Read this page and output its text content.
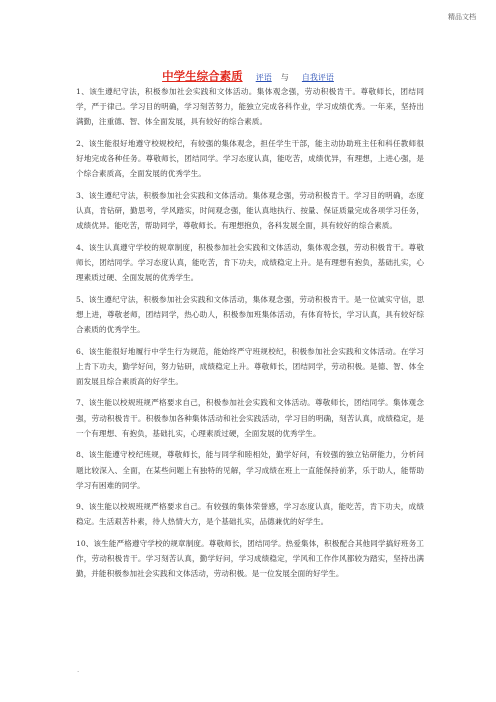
精品文档
中学生综合素质 评语 与 自我评语

1、该生遵纪守法，积极参加社会实践和文体活动。集体观念强，劳动积极肯干。尊敬师长，团结同学，严于律己。学习目的明确，学习刻苦努力，能独立完成各科作业，学习成绩优秀。一年来，坚持出满勤，注重德、智、体全面发展，具有较好的综合素质。

2、该生能很好地遵守校规校纪，有较强的集体观念，担任学生干部，能主动协助班主任和科任教师很好地完成各种任务。尊敬师长，团结同学。学习态度认真，能吃苦，成绩优异，有理想，上进心强，是个综合素质高，全面发展的优秀学生。

3、该生遵纪守法，积极参加社会实践和文体活动。集体观念强，劳动积极肯干。学习目的明确，态度认真，肯钻研，勤思考，学风踏实，时间观念强，能认真地执行、按量、保证质量完成各项学习任务，成绩优异。能吃苦，帮助同学，尊敬师长。有理想抱负，各科发展全面，具有较好的综合素质。

4、该生认真遵守学校的规章制度，积极参加社会实践和文体活动，集体观念强，劳动积极肯干。尊敬师长，团结同学。学习态度认真，能吃苦，肯下功夫，成绩稳定上升。是有理想有抱负，基础扎实，心理素质过硬、全面发展的优秀学生。

5、该生遵纪守法，积极参加社会实践和文体活动，集体观念强，劳动积极肯干。是一位诚实守信，思想上进，尊敬老师，团结同学，热心助人，积极参加班集体活动，有体育特长，学习认真，具有较好综合素质的优秀学生。

6、该生能很好地履行中学生行为规范，能始终严守班规校纪，积极参加社会实践和文体活动。在学习上肯下功夫，勤学好问，努力钻研，成绩稳定上升。尊敬师长，团结同学，劳动积极。是德、智、体全面发展且综合素质高的好学生。

7、该生能以校规班规严格要求自己，积极参加社会实践和文体活动。尊敬师长，团结同学。集体观念强，劳动积极肯干。积极参加各种集体活动和社会实践活动，学习目的明确，刻苦认真，成绩稳定，是一个有理想、有抱负，基础扎实，心理素质过硬，全面发展的优秀学生。

8、该生能遵守校纪班规，尊敬师长，能与同学和睦相处，勤学好问，有较强的独立钻研能力，分析问题比较深入、全面，在某些问题上有独特的见解，学习成绩在班上一直能保持前茅，乐于助人，能帮助学习有困难的同学。

9、该生能以校规班规严格要求自己。有较强的集体荣誉感，学习态度认真，能吃苦，肯下功夫，成绩稳定。生活艰苦朴素，待人热情大方，是个基础扎实，品德兼优的好学生。

10、该生能严格遵守学校的规章制度。尊敬师长，团结同学。热爱集体，积极配合其他同学搞好班务工作，劳动积极肯干。学习刻苦认真，勤学好问，学习成绩稳定，学风和工作作风都较为踏实，坚持出满勤，并能积极参加社会实践和文体活动，劳动积极。是一位发展全面的好学生。

.
